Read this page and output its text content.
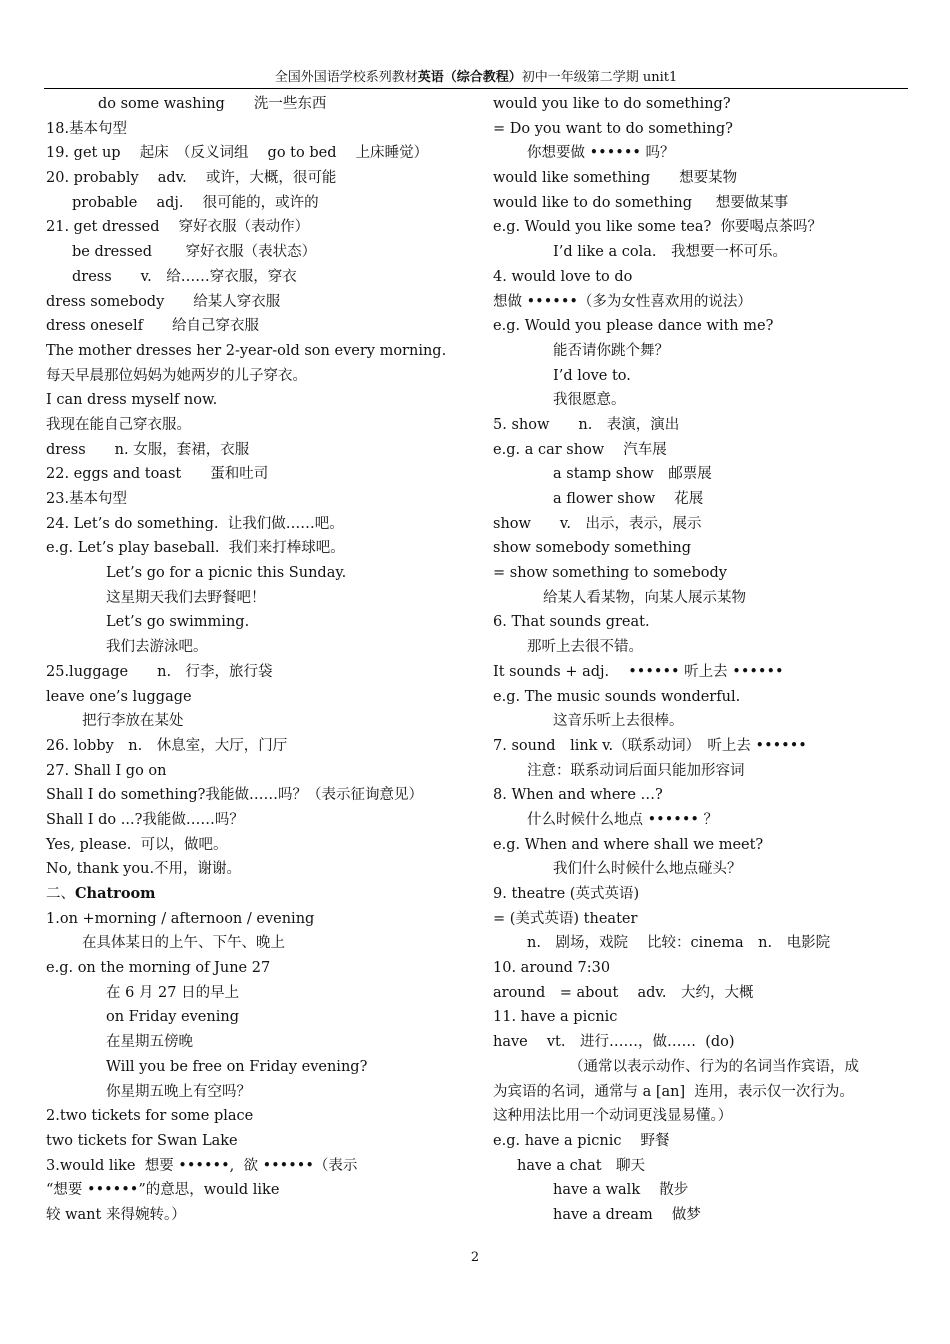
全国外国语学校系列教材英语（综合教程）初中一年级第二学期 unit1
do some washing　　洗一些东西
18.基本句型
19. get up　 起床　（反义词组　 go to bed　 上床睡觉）
20. probably　 adv.　 或许，大概，很可能
probable　 adj.　 很可能的，或许的
21. get dressed　 穿好衣服（表动作）
be dressed　　 穿好衣服（表状态）
dress　　v.　给……穿衣服，穿衣
dress somebody　　给某人穿衣服
dress oneself　　给自己穿衣服
The mother dresses her 2-year-old son every morning.
每天早晨那位妈妈为她两岁的儿子穿衣。
I can dress myself now.
我现在能自己穿衣服。
dress　　n. 女服，套裙，衣服
22. eggs and toast　　蛋和吐司
23.基本句型
24. Let’s do something.  让我们做……吧。
e.g. Let’s play baseball.  我们来打棒球吧。
Let’s go for a picnic this Sunday.
这星期天我们去野餐吧！
Let’s go swimming.
我们去游泳吧。
25.luggage　　n.　行李，旅行袋
leave one’s luggage
把行李放在某处
26. lobby　n.　休息室，大厅，门厅
27. Shall I go on
Shall I do something?我能做……吗？（表示征询意见）
Shall I do ...?我能做……吗？
Yes, please.  可以，做吧。
No, thank you.不用，谢谢。
二、Chatroom
1.on +morning / afternoon / evening
在具体某日的上午、下午、晚上
e.g. on the morning of June 27
在 6 月 27 日的早上
on Friday evening
在星期五傍晚
Will you be free on Friday evening?
你星期五晚上有空吗？
2.two tickets for some place
two tickets for Swan Lake
3.would like  想要 ••••••,  欲 ••••••（表示
“想要 ••••••”的意思，would like
较 want 来得婉转。）
would you like to do something?
= Do you want to do something?
你想要做 •••••• 吗？
would like something　　想要某物
would like to do something　  想要做某事
e.g. Would you like some tea?  你要喝点茶吗？
I’d like a cola.　我想要一杯可乐。
4. would love to do
想做 ••••••（多为女性喜欢用的说法）
e.g. Would you please dance with me?
能否请你跳个舞？
I’d love to.
我很愿意。
5. show　　n.　表演，演出
e.g. a car show　 汽车展
a stamp show　邮票展
a flower show　 花展
show　　v.　出示，表示，展示
show somebody something
= show something to somebody
给某人看某物，向某人展示某物
6. That sounds great.
那听上去很不错。
It sounds + adj.　 •••••• 听上去 ••••••
e.g. The music sounds wonderful.
这音乐听上去很棒。
7. sound　link v.（联系动词）　听上去 ••••••
注意：联系动词后面只能加形容词
8. When and where …?
什么时候什么地点 •••••• ？
e.g. When and where shall we meet?
我们什么时候什么地点碰头？
9. theatre (英式英语)
= (美式英语) theater
n.　剧场，戏院　 比较：cinema　n.　电影院
10. around 7:30
around　= about　 adv.　大约，大概
11. have a picnic
have　 vt.　进行……，做……  (do)
（通常以表示动作、行为的名词当作宾语，成
为宾语的名词，通常与 a [an]  连用，表示仅一次行为。
这种用法比用一个动词更浅显易懂。）
e.g. have a picnic　 野餐
have a chat　聊天
have a walk　 散步
have a dream　 做梦
2
